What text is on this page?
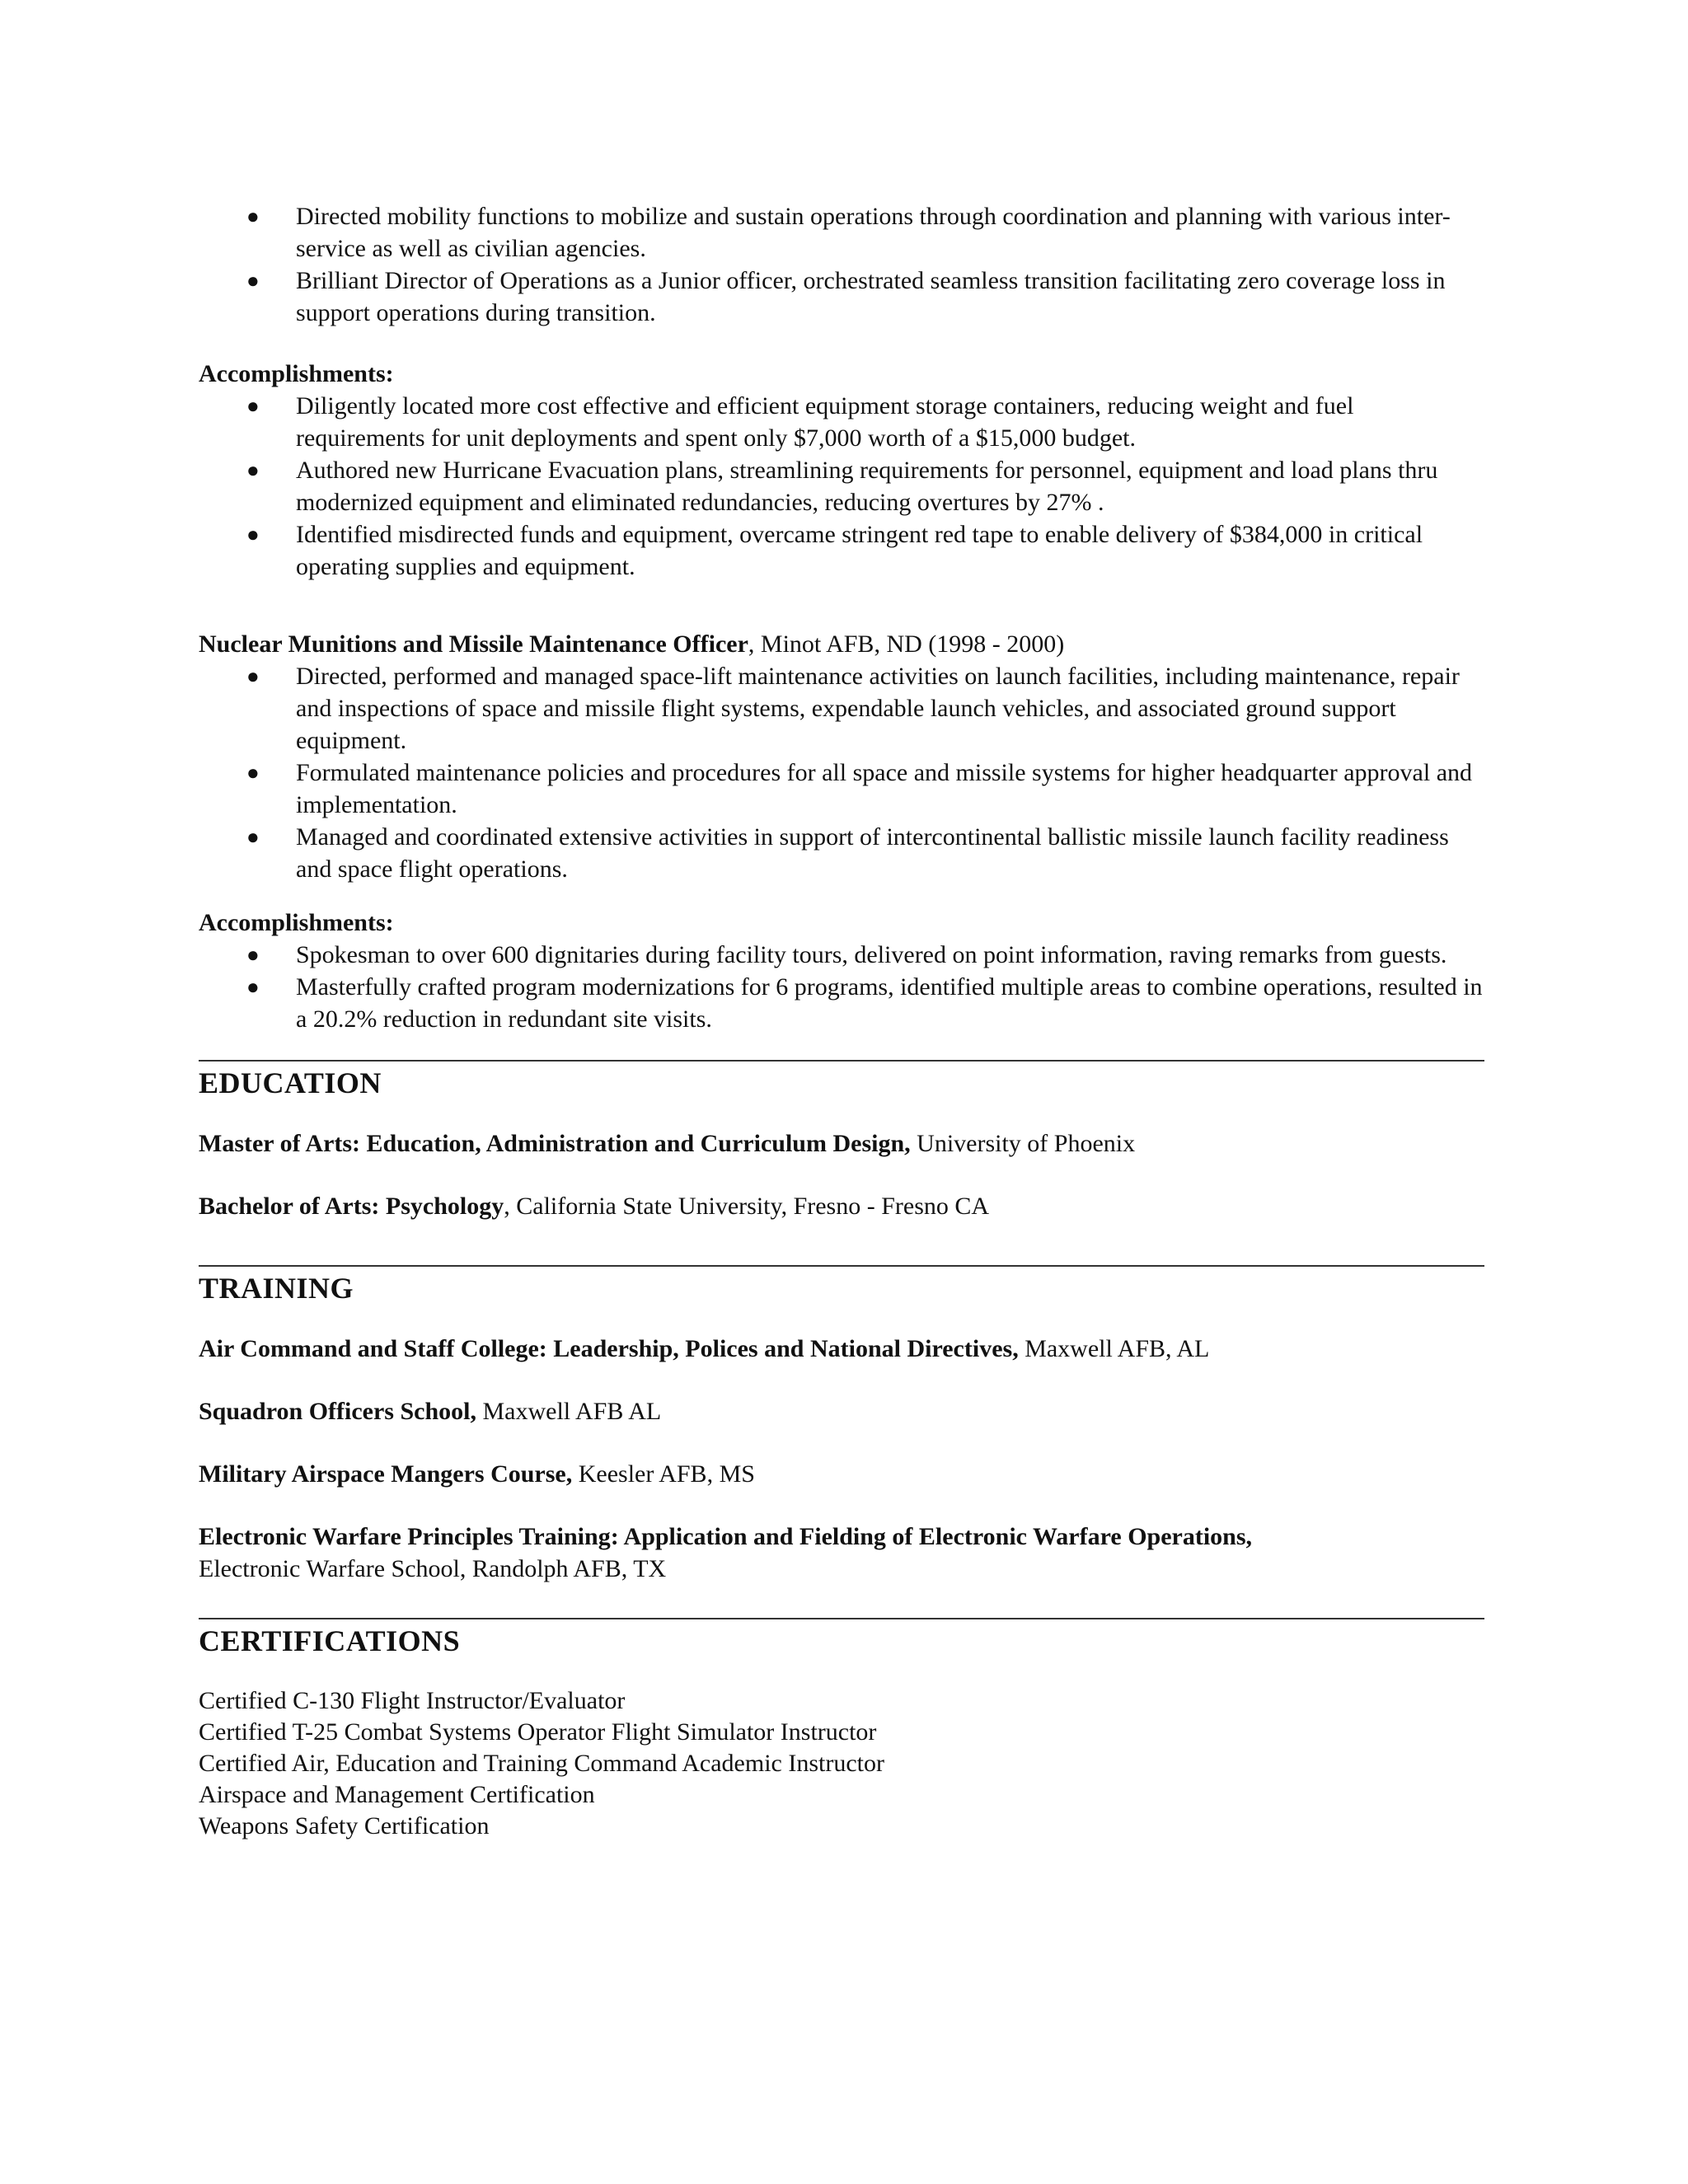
● Directed mobility functions to mobilize and sustain operations through coordination and planning with various inter-service as well as civilian agencies.
● Brilliant Director of Operations as a Junior officer, orchestrated seamless transition facilitating zero coverage loss in support operations during transition.
Accomplishments:
● Diligently located more cost effective and efficient equipment storage containers, reducing weight and fuel requirements for unit deployments and spent only $7,000 worth of a $15,000 budget.
● Authored new Hurricane Evacuation plans, streamlining requirements for personnel, equipment and load plans thru modernized equipment and eliminated redundancies, reducing overtures by 27% .
● Identified misdirected funds and equipment, overcame stringent red tape to enable delivery of $384,000 in critical operating supplies and equipment.
Nuclear Munitions and Missile Maintenance Officer, Minot AFB, ND (1998 - 2000)
● Directed, performed and managed space-lift maintenance activities on launch facilities, including maintenance, repair and inspections of space and missile flight systems, expendable launch vehicles, and associated ground support equipment.
● Formulated maintenance policies and procedures for all space and missile systems for higher headquarter approval and implementation.
● Managed and coordinated extensive activities in support of intercontinental ballistic missile launch facility readiness and space flight operations.
Accomplishments:
● Spokesman to over 600 dignitaries during facility tours, delivered on point information, raving remarks from guests.
● Masterfully crafted program modernizations for 6 programs, identified multiple areas to combine operations, resulted in a 20.2% reduction in redundant site visits.
EDUCATION
Master of Arts: Education, Administration and Curriculum Design, University of Phoenix
Bachelor of Arts: Psychology, California State University, Fresno - Fresno CA
TRAINING
Air Command and Staff College: Leadership, Polices and National Directives, Maxwell AFB, AL
Squadron Officers School, Maxwell AFB AL
Military Airspace Mangers Course, Keesler AFB, MS
Electronic Warfare Principles Training: Application and Fielding of Electronic Warfare Operations,
Electronic Warfare School, Randolph AFB, TX
CERTIFICATIONS
Certified C-130 Flight Instructor/Evaluator
Certified T-25 Combat Systems Operator Flight Simulator Instructor
Certified Air, Education and Training Command Academic Instructor
Airspace and Management Certification
Weapons Safety Certification
